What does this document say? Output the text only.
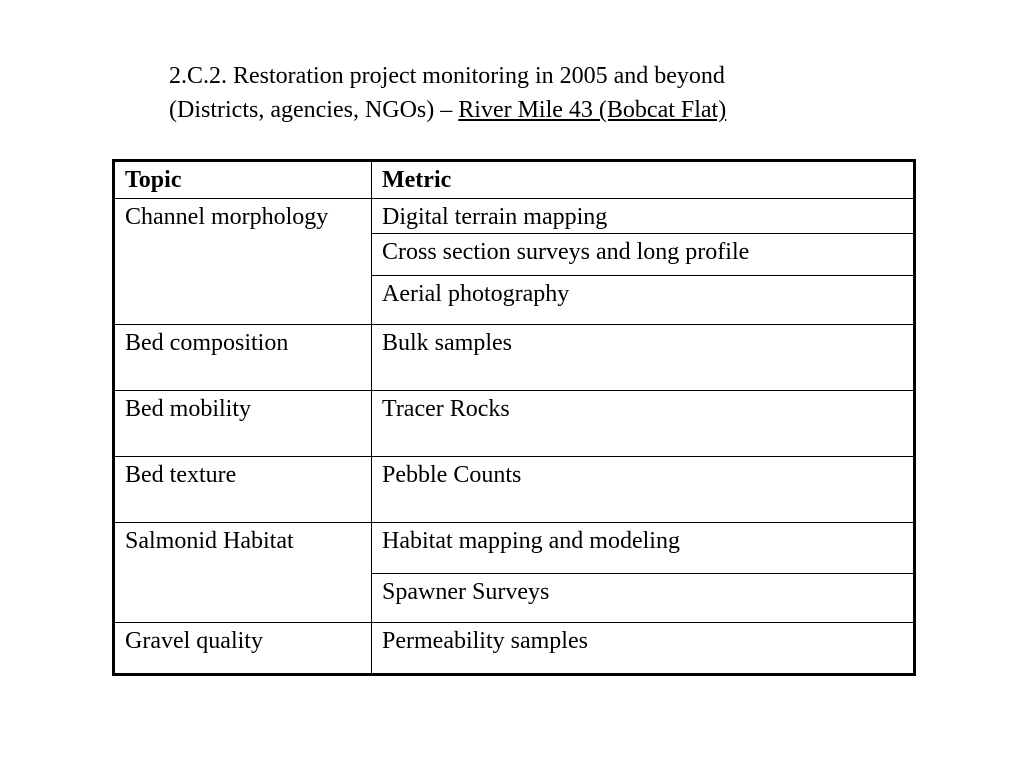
2.C.2. Restoration project monitoring in 2005 and beyond
(Districts, agencies, NGOs) – River Mile 43 (Bobcat Flat)
Topic	Metric
Channel morphology	Digital terrain mapping
	Cross section surveys and long profile
	Aerial photography
Bed composition	Bulk samples
Bed mobility	Tracer Rocks
Bed texture	Pebble Counts
Salmonid Habitat	Habitat mapping and modeling
	Spawner Surveys
Gravel quality	Permeability samples
